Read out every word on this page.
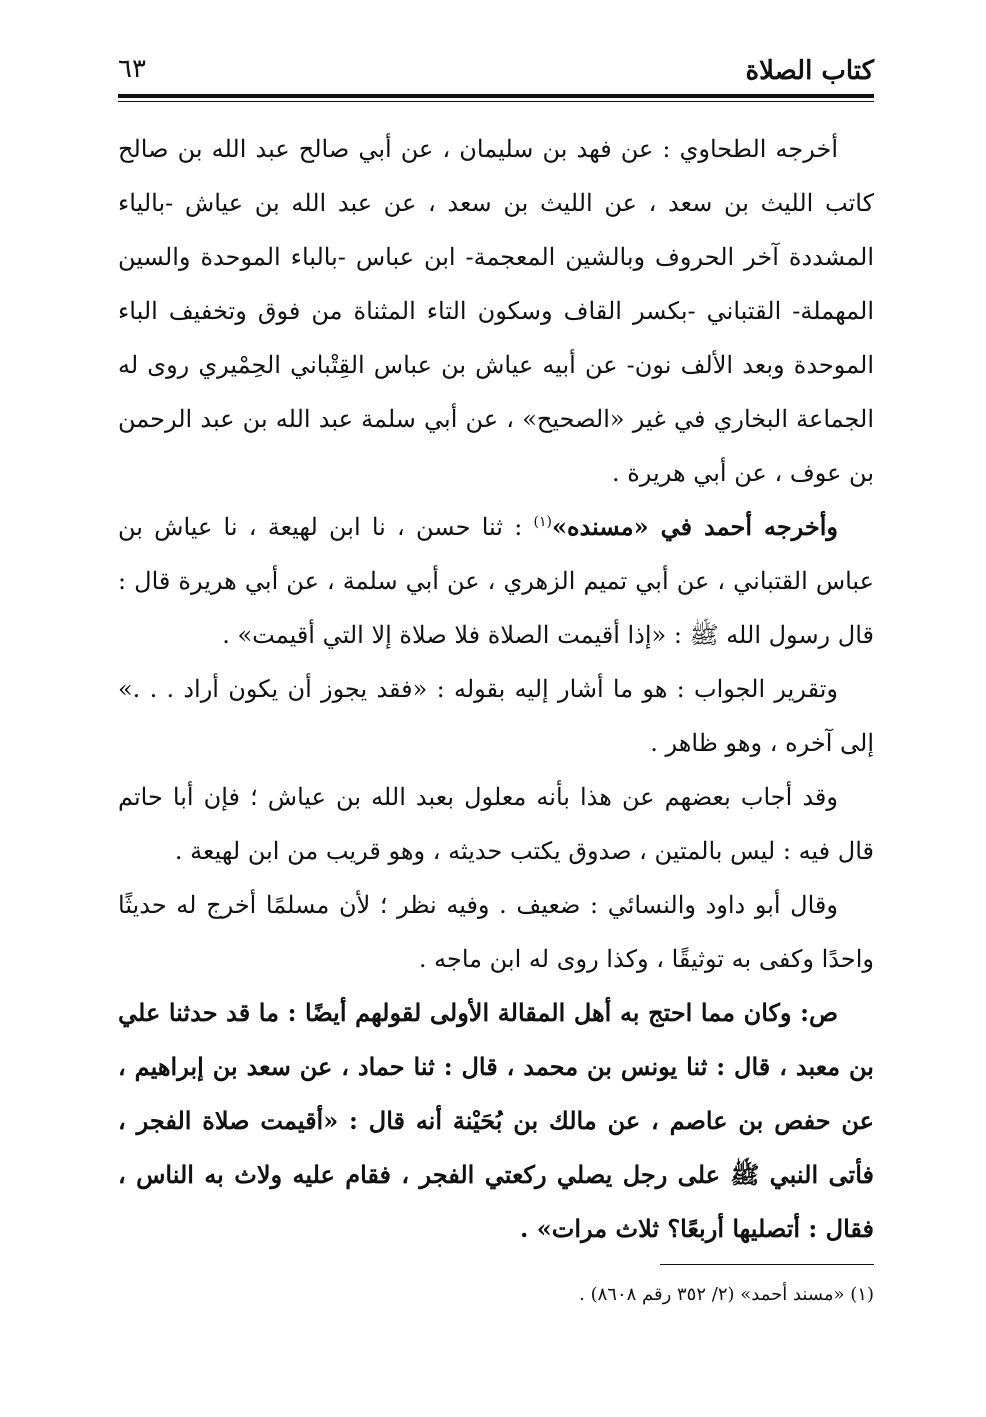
كتاب الصلاة
٦٣

أخرجه الطحاوي : عن فهد بن سليمان ، عن أبي صالح عبد الله بن صالح كاتب الليث بن سعد ، عن الليث بن سعد ، عن عبد الله بن عياش -بالياء المشددة آخر الحروف وبالشين المعجمة- ابن عباس -بالباء الموحدة والسين المهملة- القتباني -بكسر القاف وسكون التاء المثناة من فوق وتخفيف الباء الموحدة وبعد الألف نون- عن أبيه عياش بن عباس القِتْباني الحِمْيري روى له الجماعة البخاري في غير «الصحيح» ، عن أبي سلمة عبد الله بن عبد الرحمن بن عوف ، عن أبي هريرة .

وأخرجه أحمد في «مسنده»$^{(١)}$ : ثنا حسن ، نا ابن لهيعة ، نا عياش بن عباس القتباني ، عن أبي تميم الزهري ، عن أبي سلمة ، عن أبي هريرة قال : قال رسول الله ﷺ : «إذا أقيمت الصلاة فلا صلاة إلا التي أقيمت» .

وتقرير الجواب : هو ما أشار إليه بقوله : «فقد يجوز أن يكون أراد . . .» إلى آخره ، وهو ظاهر .

وقد أجاب بعضهم عن هذا بأنه معلول بعبد الله بن عياش ؛ فإن أبا حاتم قال فيه : ليس بالمتين ، صدوق يكتب حديثه ، وهو قريب من ابن لهيعة .

وقال أبو داود والنسائي : ضعيف . وفيه نظر ؛ لأن مسلمًا أخرج له حديثًا واحدًا وكفى به توثيقًا ، وكذا روى له ابن ماجه .

ص: وكان مما احتج به أهل المقالة الأولى لقولهم أيضًا : ما قد حدثنا علي بن معبد ، قال : ثنا يونس بن محمد ، قال : ثنا حماد ، عن سعد بن إبراهيم ، عن حفص بن عاصم ، عن مالك بن بُحَيْنة أنه قال : «أقيمت صلاة الفجر ، فأتى النبي ﷺ على رجل يصلي ركعتي الفجر ، فقام عليه ولاث به الناس ، فقال : أتصليها أربعًا؟ ثلاث مرات» .

(١) «مسند أحمد» (٢/ ٣٥٢ رقم ٨٦٠٨) .
